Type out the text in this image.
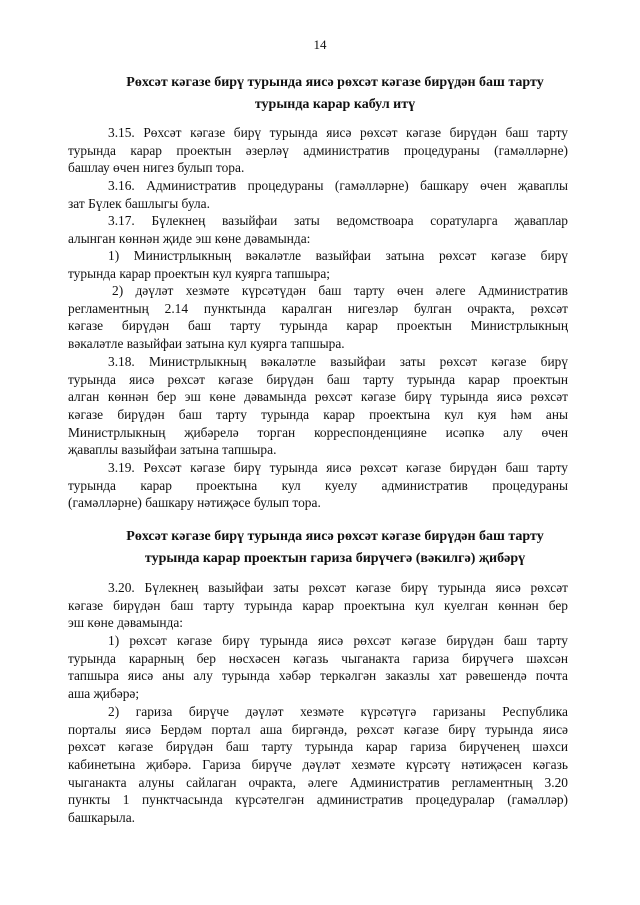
14
Рөхсәт кәгазе бирү турында яисә рөхсәт кәгазе бирүдән баш тарту
турында карар кабул итү
3.15. Рөхсәт кәгазе бирү турында яисә рөхсәт кәгазе бирүдән баш тарту
турында карар проектын әзерләү административ процедураны (гамәлләрне)
башлау өчен нигез булып тора.
3.16. Административ процедураны (гамәлләрне) башкару өчен җаваплы
зат Бүлек башлыгы була.
3.17. Бүлекнең вазыйфаи заты ведомствоара соратуларга җаваплар
алынган көннән җиде эш көне дәвамында:
1) Министрлыкның вәкаләтле вазыйфаи затына рөхсәт кәгазе бирү
турында карар проектын кул куярга тапшыра;
2) дәүләт хезмәте күрсәтүдән баш тарту өчен әлеге Административ
регламентның 2.14 пунктында каралган нигезләр булган очракта, рөхсәт
кәгазе бирүдән баш тарту турында карар проектын Министрлыкның
вәкаләтле вазыйфаи затына кул куярга тапшыра.
3.18. Министрлыкның вәкаләтле вазыйфаи заты рөхсәт кәгазе бирү
турында яисә рөхсәт кәгазе бирүдән баш тарту турында карар проектын
алган көннән бер эш көне дәвамында рөхсәт кәгазе бирү турында яисә рөхсәт
кәгазе бирүдән баш тарту турында карар проектына кул куя һәм аны
Министрлыкның җибәрелә торган корреспонденцияне исәпкә алу өчен
җаваплы вазыйфаи затына тапшыра.
3.19. Рөхсәт кәгазе бирү турында яисә рөхсәт кәгазе бирүдән баш тарту
турында карар проектына кул куелу административ процедураны
(гамәлләрне) башкару нәтиҗәсе булып тора.
Рөхсәт кәгазе бирү турында яисә рөхсәт кәгазе бирүдән баш тарту
турында карар проектын гариза бирүчегә (вәкилгә) җибәрү
3.20. Бүлекнең вазыйфаи заты рөхсәт кәгазе бирү турында яисә рөхсәт
кәгазе бирүдән баш тарту турында карар проектына кул куелган көннән бер
эш көне дәвамында:
1) рөхсәт кәгазе бирү турында яисә рөхсәт кәгазе бирүдән баш тарту
турында карарның бер нөсхәсен кәгазь чыганакта гариза бирүчегә шәхсән
тапшыра яисә аны алу турында хәбәр теркәлгән заказлы хат рәвешендә почта
аша җибәрә;
2) гариза бирүче дәүләт хезмәте күрсәтүгә гаризаны Республика
порталы яисә Бердәм портал аша биргәндә, рөхсәт кәгазе бирү турында яисә
рөхсәт кәгазе бирүдән баш тарту турында карар гариза бирүченең шәхси
кабинетына җибәрә. Гариза бирүче дәүләт хезмәте күрсәтү нәтиҗәсен кәгазь
чыганакта алуны сайлаган очракта, әлеге Административ регламентның 3.20
пункты 1 пунктчасында күрсәтелгән административ процедуралар (гамәлләр)
башкарыла.
